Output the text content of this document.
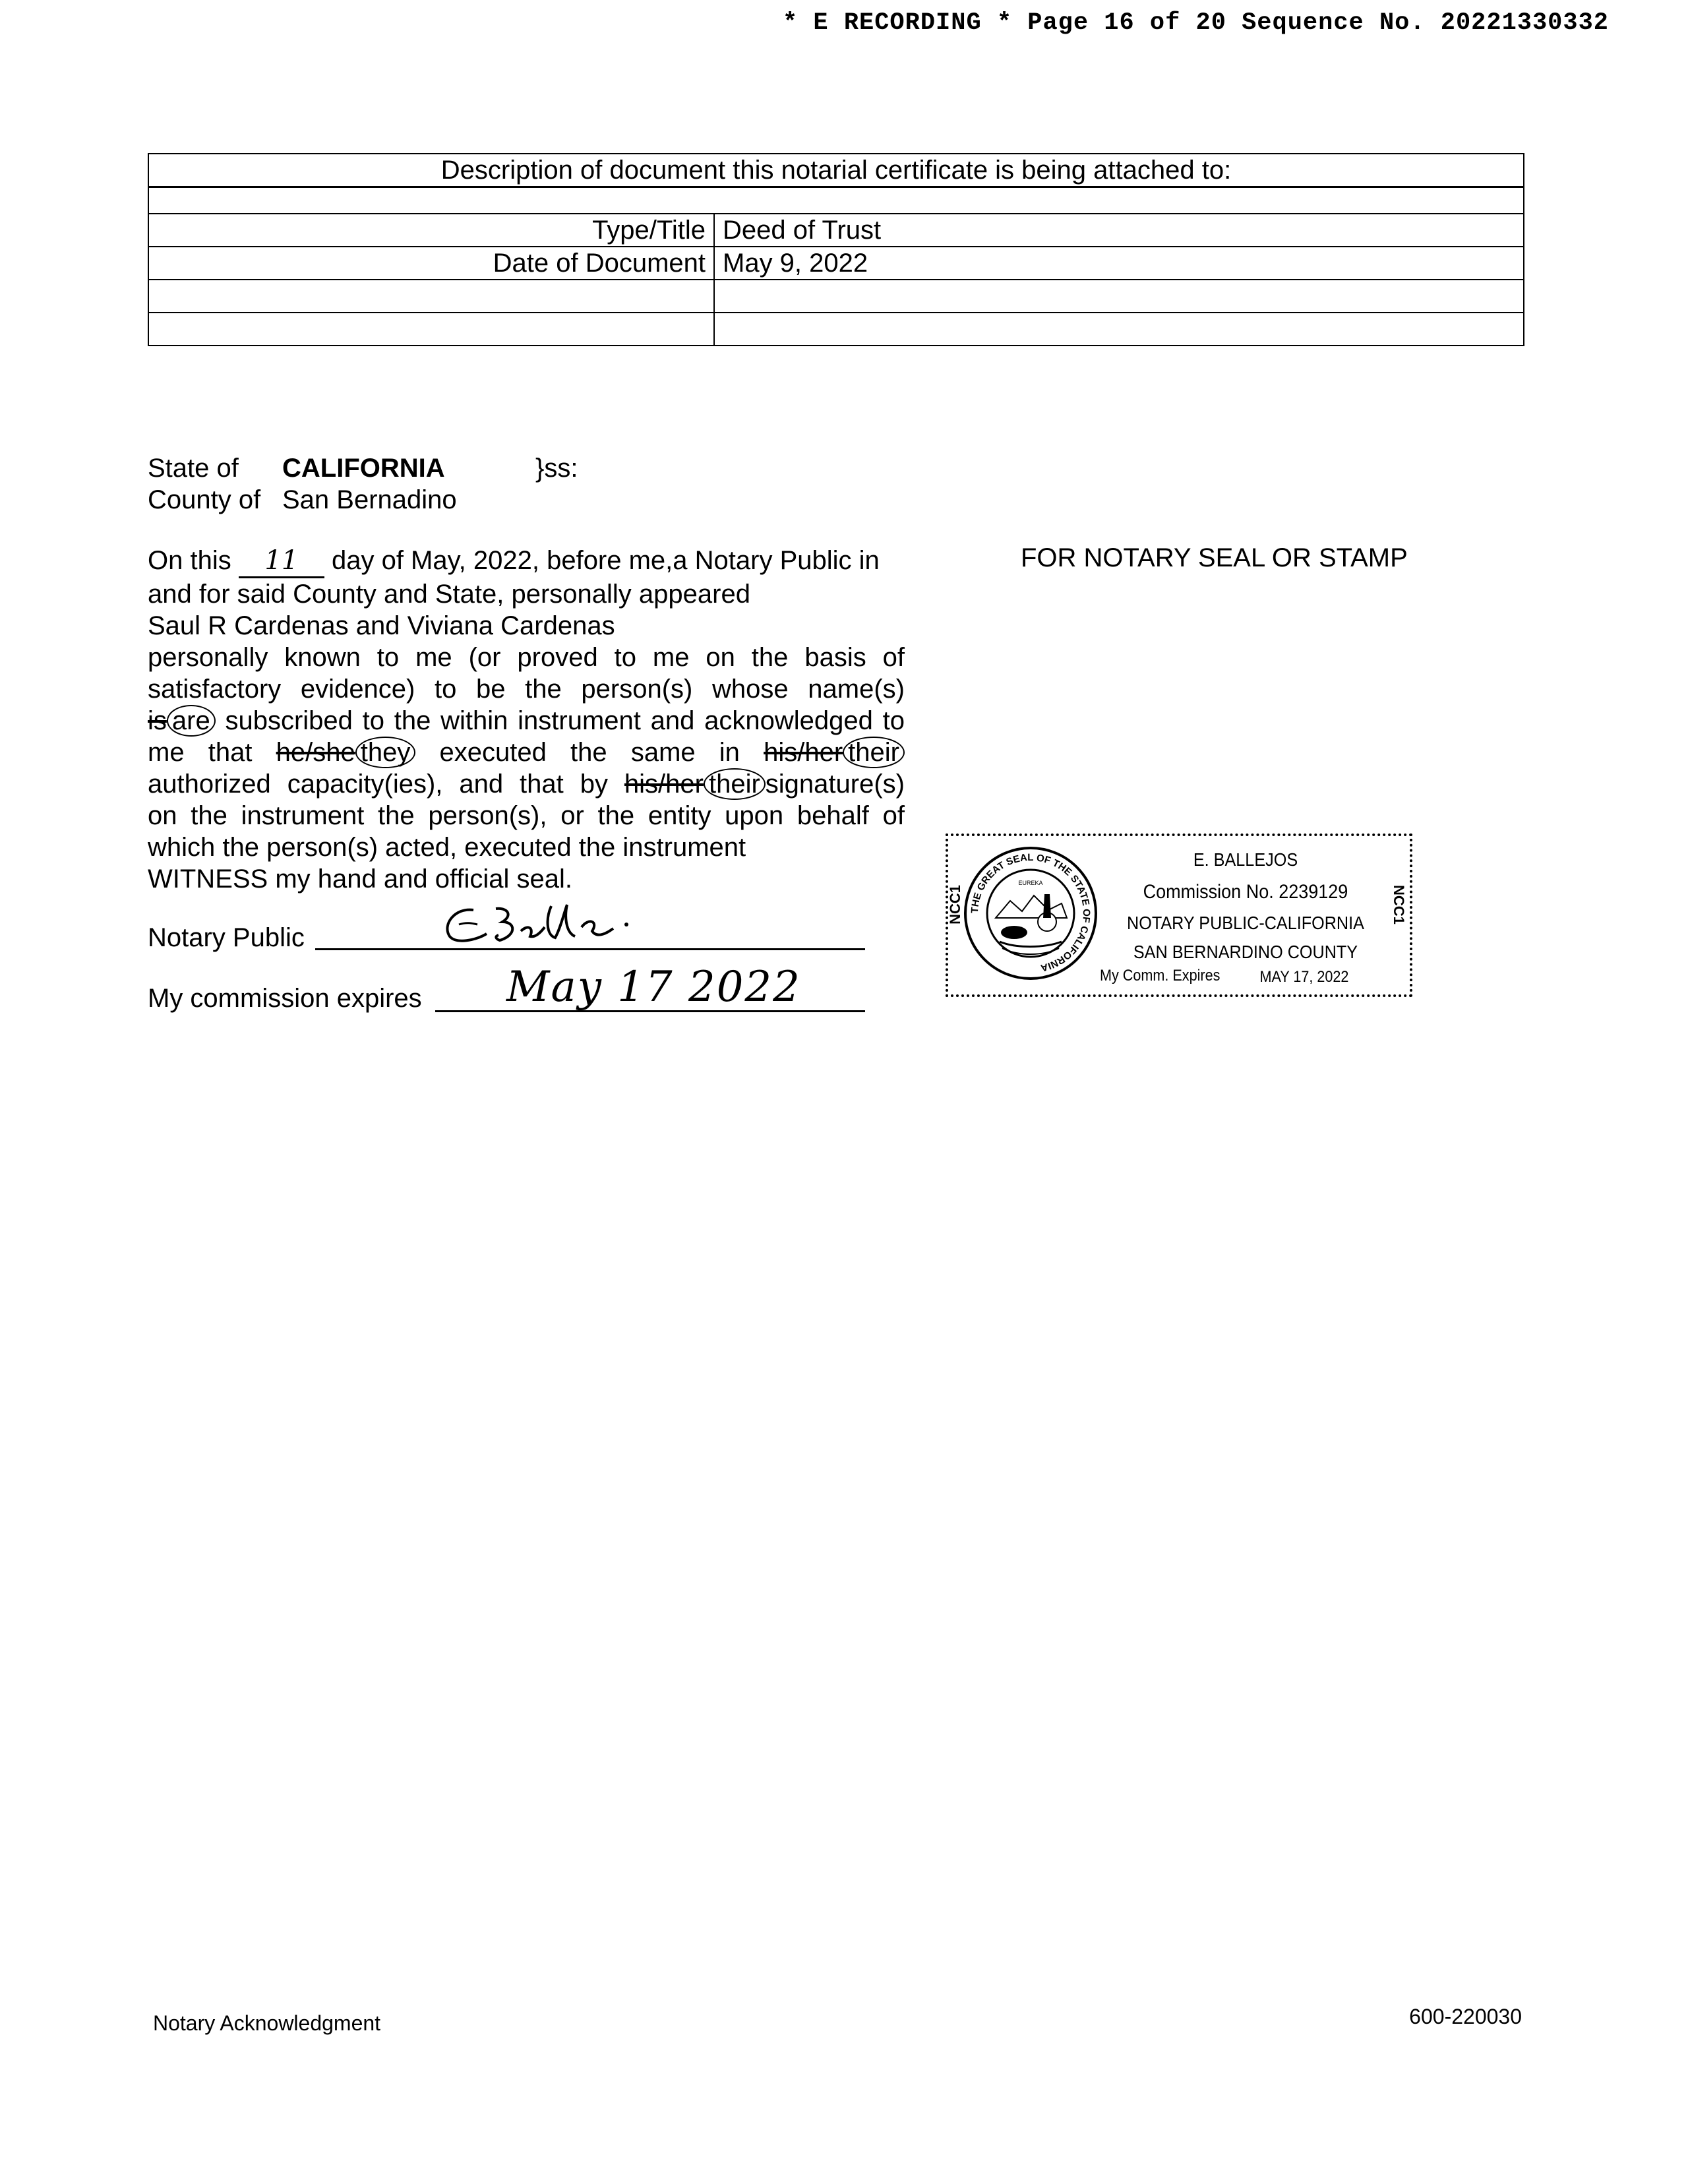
* E RECORDING * Page 16 of 20 Sequence No. 20221330332
Description of document this notarial certificate is being attached to:	

Type/Title	Deed of Trust
Date of Document	May 9, 2022

State of CALIFORNIA	}ss:
County of San Bernadino
On this 11 day of May, 2022, before me,a Notary Public in
and for said County and State, personally appeared
Saul R Cardenas and Viviana Cardenas
personally known to me (or proved to me on the basis of
satisfactory evidence) to be the person(s) whose name(s)
is are subscribed to the within instrument and acknowledged to
me that he/she they executed the same in his/her their
authorized capacity(ies), and that by his/her their signature(s)
on the instrument the person(s), or the entity upon behalf of
which the person(s) acted, executed the instrument
WITNESS my hand and official seal.
Notary Public
My commission expires May 17 2022
FOR NOTARY SEAL OR STAMP
NCC1	NCC1
THE GREAT SEAL OF THE STATE OF CALIFORNIA
EUREKA
E. BALLEJOS
Commission No. 2239129
NOTARY PUBLIC-CALIFORNIA
SAN BERNARDINO COUNTY
My Comm. Expires	MAY 17, 2022
Notary Acknowledgment	600-220030
